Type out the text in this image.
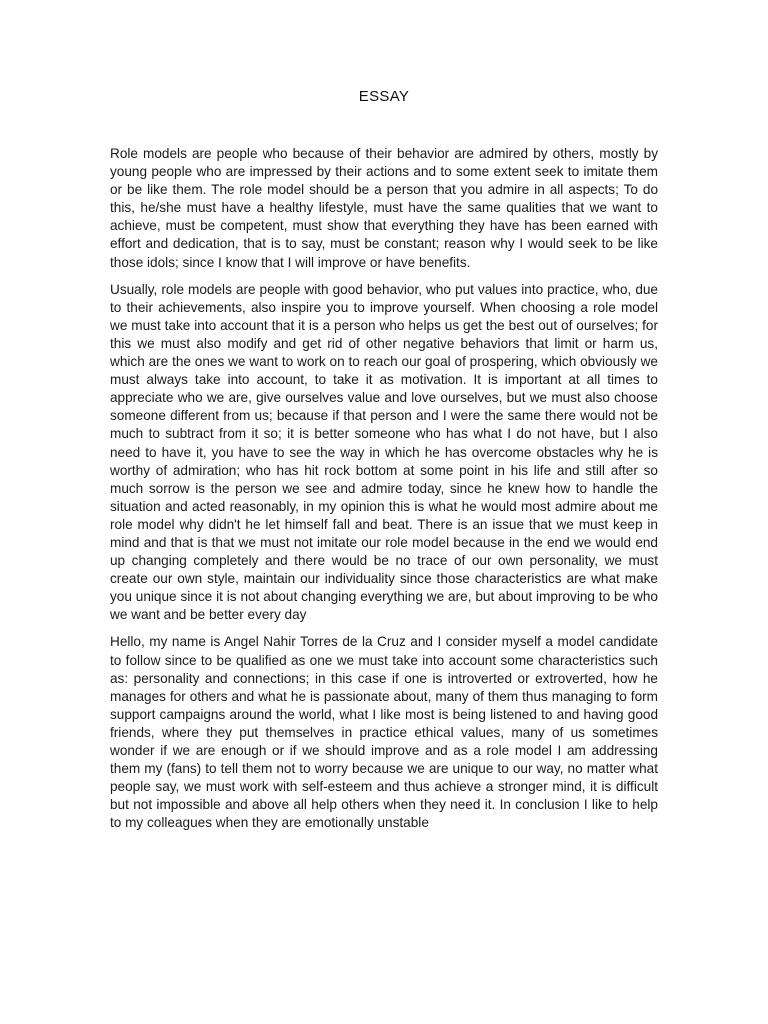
ESSAY

Role models are people who because of their behavior are admired by others, mostly by young people who are impressed by their actions and to some extent seek to imitate them or be like them. The role model should be a person that you admire in all aspects; To do this, he/she must have a healthy lifestyle, must have the same qualities that we want to achieve, must be competent, must show that everything they have has been earned with effort and dedication, that is to say, must be constant; reason why I would seek to be like those idols; since I know that I will improve or have benefits.

Usually, role models are people with good behavior, who put values into practice, who, due to their achievements, also inspire you to improve yourself. When choosing a role model we must take into account that it is a person who helps us get the best out of ourselves; for this we must also modify and get rid of other negative behaviors that limit or harm us, which are the ones we want to work on to reach our goal of prospering, which obviously we must always take into account, to take it as motivation. It is important at all times to appreciate who we are, give ourselves value and love ourselves, but we must also choose someone different from us; because if that person and I were the same there would not be much to subtract from it so; it is better someone who has what I do not have, but I also need to have it, you have to see the way in which he has overcome obstacles why he is worthy of admiration; who has hit rock bottom at some point in his life and still after so much sorrow is the person we see and admire today, since he knew how to handle the situation and acted reasonably, in my opinion this is what he would most admire about me role model why didn't he let himself fall and beat. There is an issue that we must keep in mind and that is that we must not imitate our role model because in the end we would end up changing completely and there would be no trace of our own personality, we must create our own style, maintain our individuality since those characteristics are what make you unique since it is not about changing everything we are, but about improving to be who we want and be better every day

Hello, my name is Angel Nahir Torres de la Cruz and I consider myself a model candidate to follow since to be qualified as one we must take into account some characteristics such as: personality and connections; in this case if one is introverted or extroverted, how he manages for others and what he is passionate about, many of them thus managing to form support campaigns around the world, what I like most is being listened to and having good friends, where they put themselves in practice ethical values, many of us sometimes wonder if we are enough or if we should improve and as a role model I am addressing them my (fans) to tell them not to worry because we are unique to our way, no matter what people say, we must work with self-esteem and thus achieve a stronger mind, it is difficult but not impossible and above all help others when they need it. In conclusion I like to help to my colleagues when they are emotionally unstable
